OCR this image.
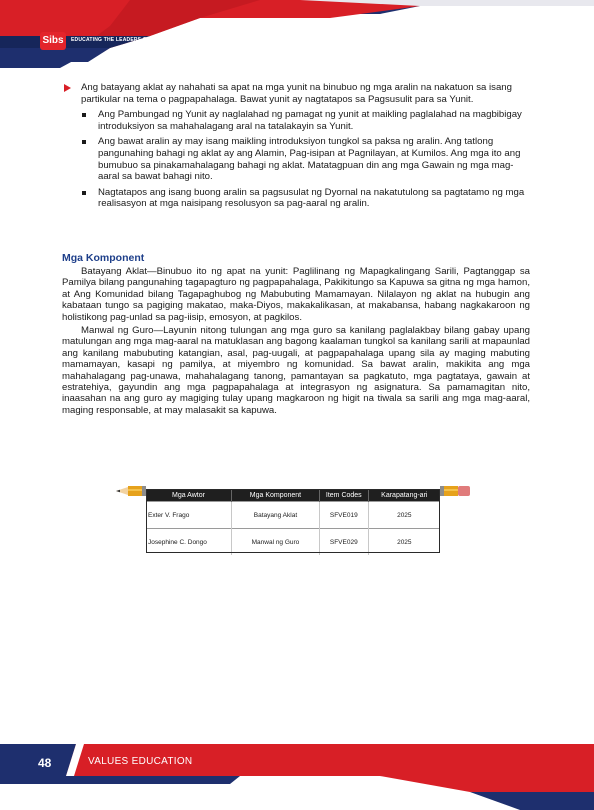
Sibs	EDUCATING THE LEADERS OF TOMORROW
Ang batayang aklat ay nahahati sa apat na mga yunit na binubuo ng mga aralin na nakatuon sa isang partikular na tema o pagpapahalaga. Bawat yunit ay nagtatapos sa Pagsusulit para sa Yunit.
Ang Pambungad ng Yunit ay naglalahad ng pamagat ng yunit at maikling paglalahad na magbibigay introduksiyon sa mahahalagang aral na tatalakayin sa Yunit.
Ang bawat aralin ay may isang maikling introduksiyon tungkol sa paksa ng aralin. Ang tatlong pangunahing bahagi ng aklat ay ang Alamin, Pag-isipan at Pagnilayan, at Kumilos. Ang mga ito ang bumubuo sa pinakamahalagang bahagi ng aklat. Matatagpuan din ang mga Gawain ng mga mag-aaral sa bawat bahagi nito.
Nagtatapos ang isang buong aralin sa pagsusulat ng Dyornal na nakatutulong sa pagtatamo ng mga realisasyon at mga naisipang resolusyon sa pag-aaral ng aralin.
Mga Komponent

Batayang Aklat—Binubuo ito ng apat na yunit: Paglilinang ng Mapagkalingang Sarili, Pagtanggap sa Pamilya bilang pangunahing tagapagturo ng pagpapahalaga, Pakikitungo sa Kapuwa sa gitna ng mga hamon, at Ang Komunidad bilang Tagapaghubog ng Mabubuting Mamamayan. Nilalayon ng aklat na hubugin ang kabataan tungo sa pagiging makatao, maka-Diyos, makakalikasan, at makabansa, habang nagkakaroon ng holistikong pag-unlad sa pag-iisip, emosyon, at pagkilos.

Manwal ng Guro—Layunin nitong tulungan ang mga guro sa kanilang paglalakbay bilang gabay upang matulungan ang mga mag-aaral na matuklasan ang bagong kaalaman tungkol sa kanilang sarili at mapaunlad ang kanilang mabubuting katangian, asal, pag-uugali, at pagpapahalaga upang sila ay maging mabuting mamamayan, kasapi ng pamilya, at miyembro ng komunidad. Sa bawat aralin, makikita ang mga mahahalagang pag-unawa, mahahalagang tanong, pamantayan sa pagkatuto, mga pagtataya, gawain at estratehiya, gayundin ang mga pagpapahalaga at integrasyon ng asignatura. Sa pamamagitan nito, inaasahan na ang guro ay magiging tulay upang magkaroon ng higit na tiwala sa sarili ang mga mag-aaral, maging responsable, at may malasakit sa kapuwa.

Mga Awtor	Mga Komponent	Item Codes	Karapatang-ari
Exter V. Frago	Batayang Aklat	SFVE019	2025
Josephine C. Dongo	Manwal ng Guro	SFVE029	2025
48	VALUES EDUCATION
